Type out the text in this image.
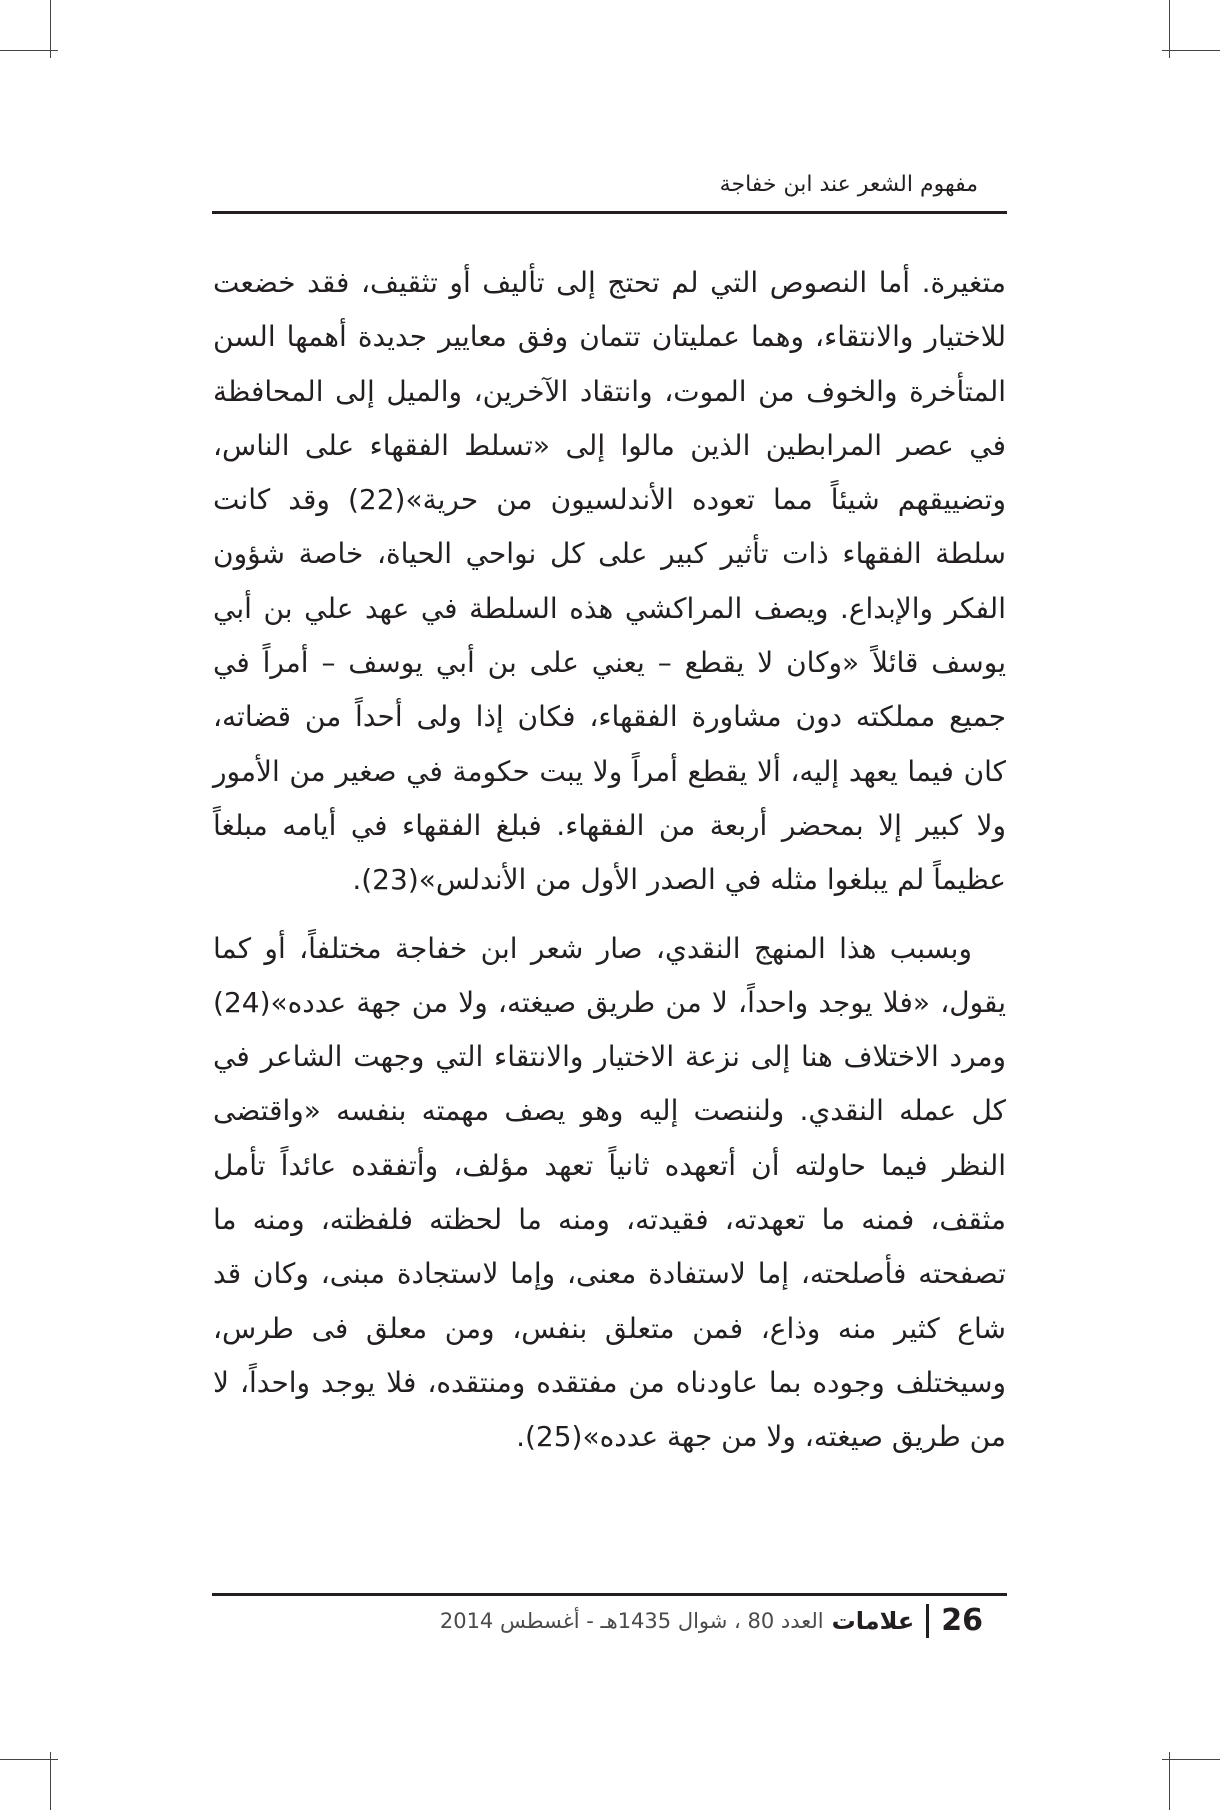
مفهوم الشعر عند ابن خفاجة

متغيرة. أما النصوص التي لم تحتج إلى تأليف أو تثقيف، فقد خضعت للاختيار والانتقاء، وهما عمليتان تتمان وفق معايير جديدة أهمها السن المتأخرة والخوف من الموت، وانتقاد الآخرين، والميل إلى المحافظة في عصر المرابطين الذين مالوا إلى «تسلط الفقهاء على الناس، وتضييقهم شيئاً مما تعوده الأندلسيون من حرية»(22) وقد كانت سلطة الفقهاء ذات تأثير كبير على كل نواحي الحياة، خاصة شؤون الفكر والإبداع. ويصف المراكشي هذه السلطة في عهد علي بن أبي يوسف قائلاً «وكان لا يقطع – يعني على بن أبي يوسف – أمراً في جميع مملكته دون مشاورة الفقهاء، فكان إذا ولى أحداً من قضاته، كان فيما يعهد إليه، ألا يقطع أمراً ولا يبت حكومة في صغير من الأمور ولا كبير إلا بمحضر أربعة من الفقهاء. فبلغ الفقهاء في أيامه مبلغاً عظيماً لم يبلغوا مثله في الصدر الأول من الأندلس»(23).

وبسبب هذا المنهج النقدي، صار شعر ابن خفاجة مختلفاً، أو كما يقول، «فلا يوجد واحداً، لا من طريق صيغته، ولا من جهة عدده»(24) ومرد الاختلاف هنا إلى نزعة الاختيار والانتقاء التي وجهت الشاعر في كل عمله النقدي. ولننصت إليه وهو يصف مهمته بنفسه «واقتضى النظر فيما حاولته أن أتعهده ثانياً تعهد مؤلف، وأتفقده عائداً تأمل مثقف، فمنه ما تعهدته، فقيدته، ومنه ما لحظته فلفظته، ومنه ما تصفحته فأصلحته، إما لاستفادة معنى، وإما لاستجادة مبنى، وكان قد شاع كثير منه وذاع، فمن متعلق بنفس، ومن معلق فى طرس، وسيختلف وجوده بما عاودناه من مفتقده ومنتقده، فلا يوجد واحداً، لا من طريق صيغته، ولا من جهة عدده»(25).

26
علامات
العدد 80 ، شوال 1435هـ - أغسطس 2014
